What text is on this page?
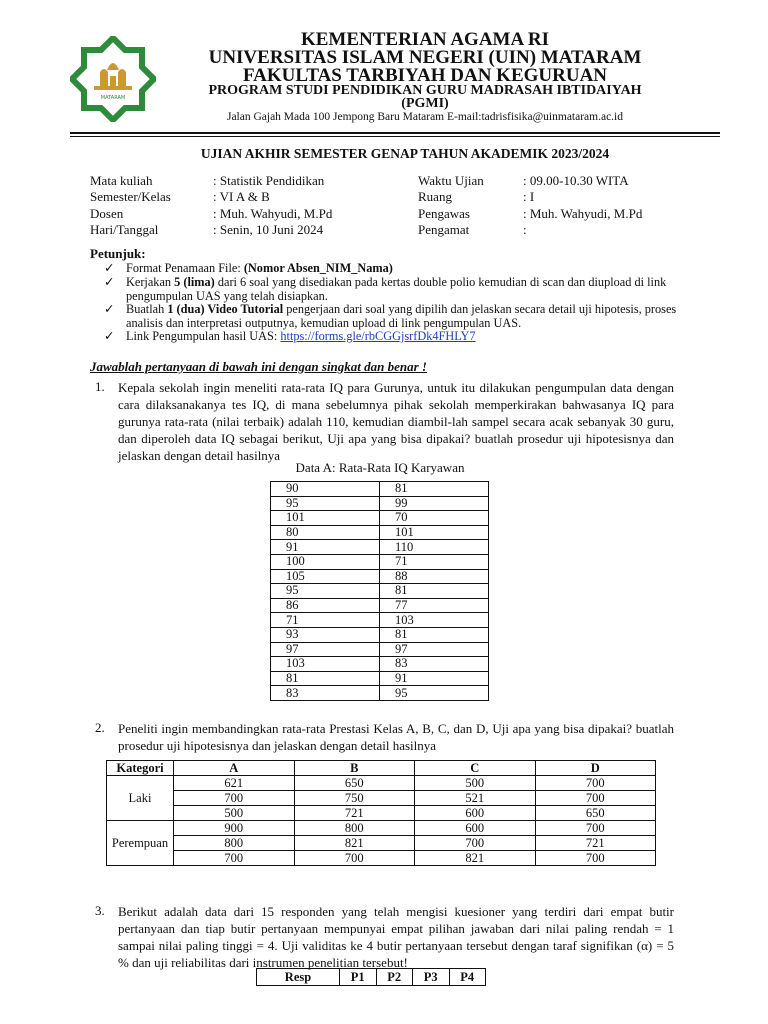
MATARAM
KEMENTERIAN AGAMA RI
UNIVERSITAS ISLAM NEGERI (UIN) MATARAM
FAKULTAS TARBIYAH DAN KEGURUAN
PROGRAM STUDI PENDIDIKAN GURU MADRASAH IBTIDAIYAH
(PGMI)
Jalan Gajah Mada 100 Jempong Baru Mataram E-mail:tadrisfisika@uinmataram.ac.id
UJIAN AKHIR SEMESTER GENAP TAHUN AKADEMIK 2023/2024
Mata kuliah	: Statistik Pendidikan
Semester/Kelas	: VI A & B
Dosen	: Muh. Wahyudi, M.Pd
Hari/Tanggal	: Senin, 10 Juni 2024
Waktu Ujian	: 09.00-10.30 WITA
Ruang	: I
Pengawas	: Muh. Wahyudi, M.Pd
Pengamat	:
Petunjuk:
✓ Format Penamaan File: (Nomor Absen_NIM_Nama)
✓ Kerjakan 5 (lima) dari 6 soal yang disediakan pada kertas double polio kemudian di scan dan diupload di link pengumpulan UAS yang telah disiapkan.
✓ Buatlah 1 (dua) Video Tutorial pengerjaan dari soal yang dipilih dan jelaskan secara detail uji hipotesis, proses analisis dan interpretasi outputnya, kemudian upload di link pengumpulan UAS.
✓ Link Pengumpulan hasil UAS: https://forms.gle/rbCGGjsrfDk4FHLY7
Jawablah pertanyaan di bawah ini dengan singkat dan benar !
1. Kepala sekolah ingin meneliti rata-rata IQ para Gurunya, untuk itu dilakukan pengumpulan data dengan cara dilaksanakanya tes IQ, di mana sebelumnya pihak sekolah memperkirakan bahwasanya IQ para gurunya rata-rata (nilai terbaik) adalah 110, kemudian diambil-lah sampel secara acak sebanyak 30 guru, dan diperoleh data IQ sebagai berikut, Uji apa yang bisa dipakai? buatlah prosedur uji hipotesisnya dan jelaskan dengan detail hasilnya
Data A: Rata-Rata IQ Karyawan
90	81
95	99
101	70
80	101
91	110
100	71
105	88
95	81
86	77
71	103
93	81
97	97
103	83
81	91
83	95
2. Peneliti ingin membandingkan rata-rata Prestasi Kelas A, B, C, dan D, Uji apa yang bisa dipakai? buatlah prosedur uji hipotesisnya dan jelaskan dengan detail hasilnya
Kategori	A	B	C	D
Laki	621	650	500	700
	700	750	521	700
	500	721	600	650
Perempuan	900	800	600	700
	800	821	700	721
	700	700	821	700
3. Berikut adalah data dari 15 responden yang telah mengisi kuesioner yang terdiri dari empat butir pertanyaan dan tiap butir pertanyaan mempunyai empat pilihan jawaban dari nilai paling rendah = 1 sampai nilai paling tinggi = 4. Uji validitas ke 4 butir pertanyaan tersebut dengan taraf signifikan (α) = 5 % dan uji reliabilitas dari instrumen penelitian tersebut!
Resp	P1	P2	P3	P4
